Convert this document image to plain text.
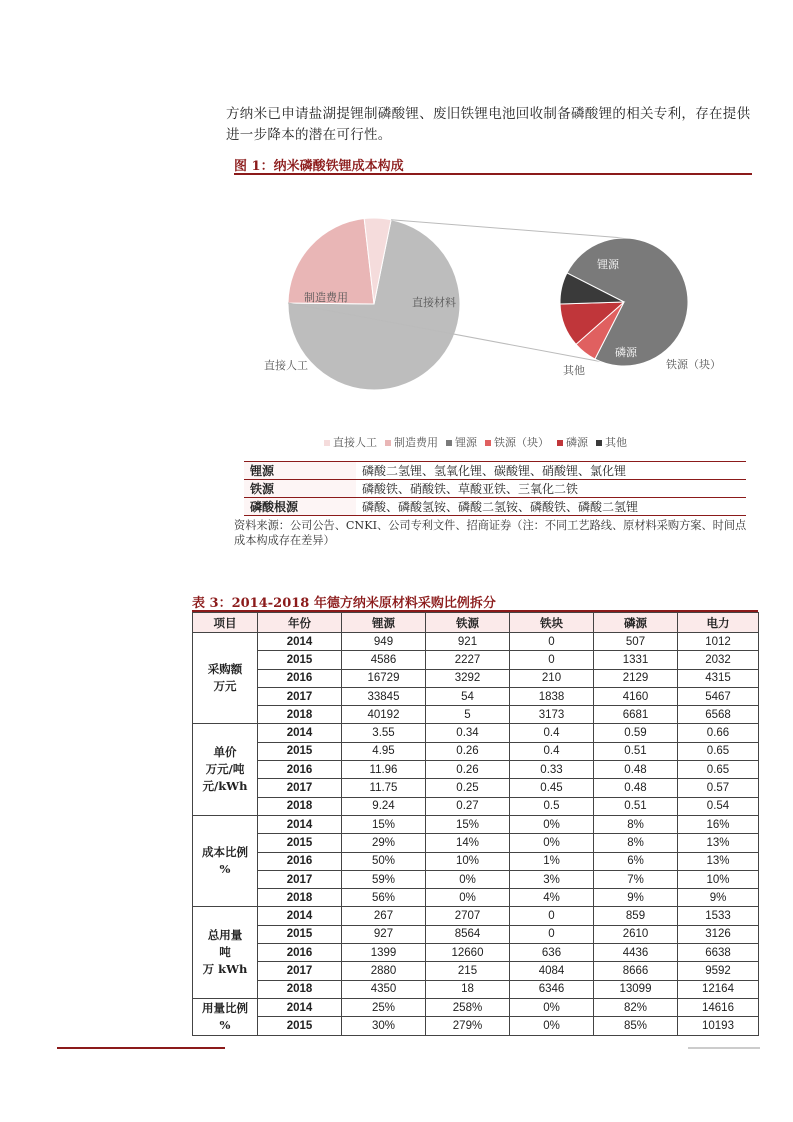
方纳米已申请盐湖提锂制磷酸锂、废旧铁锂电池回收制备磷酸锂的相关专利，存在提供进一步降本的潜在可行性。
图 1：纳米磷酸铁锂成本构成
直接材料
制造费用
直接人工
锂源
铁源（块）
磷源
其他
直接人工 制造费用 锂源 铁源（块） 磷源 其他
锂源	磷酸二氢锂、氢氧化锂、碳酸锂、硝酸锂、氯化锂
铁源	磷酸铁、硝酸铁、草酸亚铁、三氧化二铁
磷酸根源	磷酸、磷酸氢铵、磷酸二氢铵、磷酸铁、磷酸二氢锂
资料来源：公司公告、CNKI、公司专利文件、招商证券（注：不同工艺路线、原材料采购方案、时间点成本构成存在差异）
表 3：2014-2018 年德方纳米原材料采购比例拆分
项目	年份	锂源	铁源	铁块	磷源	电力
采购额
万元	2014	949	921	0	507	1012
	2015	4586	2227	0	1331	2032
	2016	16729	3292	210	2129	4315
	2017	33845	54	1838	4160	5467
	2018	40192	5	3173	6681	6568
单价
万元/吨
元/kWh	2014	3.55	0.34	0.4	0.59	0.66
	2015	4.95	0.26	0.4	0.51	0.65
	2016	11.96	0.26	0.33	0.48	0.65
	2017	11.75	0.25	0.45	0.48	0.57
	2018	9.24	0.27	0.5	0.51	0.54
成本比例
%	2014	15%	15%	0%	8%	16%
	2015	29%	14%	0%	8%	13%
	2016	50%	10%	1%	6%	13%
	2017	59%	0%	3%	7%	10%
	2018	56%	0%	4%	9%	9%
总用量
吨
万 kWh	2014	267	2707	0	859	1533
	2015	927	8564	0	2610	3126
	2016	1399	12660	636	4436	6638
	2017	2880	215	4084	8666	9592
	2018	4350	18	6346	13099	12164
用量比例
%	2014	25%	258%	0%	82%	14616
	2015	30%	279%	0%	85%	10193
